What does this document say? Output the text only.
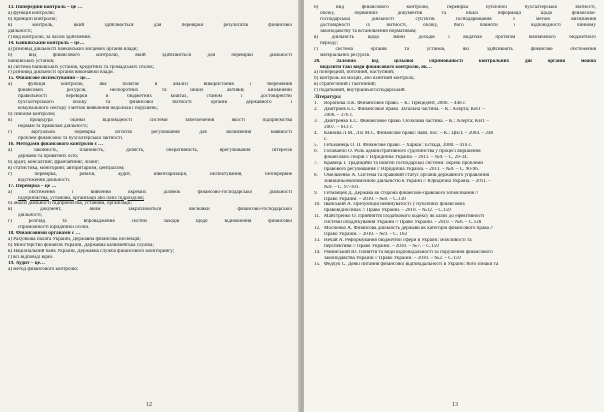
13. Попередній контроль – це …
а) функція контролю;
б) принцип контролю;
в) контроль, який здійснюється для перевірки результатів фінансової
діяльності;
г) вид контролю, за часом здійснення.
14. Банківський контроль – це…
а) різновид діяльності банківських місцевих органів влади;
б) вид фінансового контролю, який здійснюється для перевірки діяльності
банківських установ;
в) система банківських установ, кредитних та громадських спілок;
г) різновид діяльності органів виконавчої влади.
15. Фінансове інспектування – це…
а) функція контролю, яка полягає в аналізі використання і збереження
фінансових ресурсів, необоротних та інших активів; визначенні
правильності перевірки в бюджетних коштах, станом і достовірністю
бухгалтерського обліку та фінансової звітності органів державного і
комунального сектору з метою виявлення недоліків і порушень;
б) синонім контролю;
в) процедура оцінки відповідності системи забезпечення якості підприємства
нормам та правилам діяльності;
г) віртуальна перевірка об'єктів регулювання для визначення наявності
проблем фінансової та бухгалтерської звітності.
16. Методами фінансового контролю є …
а) законність, плановість, дієвість, оперативність, врегулювання інтересів
держави та приватних осіб;
б) аудит, консалтинг, франчайзинг, лізинг;
в) статистика, моніторинг, авторитаризм, централізм;
г) перевірка, ревізія, аудит, інвентаризація, інспектування, безперервне
відстеження діяльності.
17. Перевірка – це …
а) обстеження і вивчення окремих ділянок фінансово-господарської діяльності
підприємства, установи, організації або їхніх підрозділів;
б) аналіз діяльності підприємства, установи, організації;
в) документ, яким закріплюються висновки фінансово-господарської
діяльності;
г) розгляд та впровадження систем заходів щодо відновлення фінансової
спроможності юридичної особи.
18. Фінансовими органами є …
а) Рахункова палата України, Державна фінансова інспекція;
б) Міністерство фінансів України, Державна казначейська служба;
в) Національний банк України, Державна служба фінансового моніторингу;
г) всі відповіді вірні.
19. Аудит – це…
а) метод фінансового контролю;
12
б) вид фінансового контролю, перевірка публічної бухгалтерської звітності,
обліку, первинних документів та іншої інформації щодо фінансово-
господарської діяльності суб'єктів господарювання з метою визначення
достовірності їх звітності, обліку, його повноти і відповідності чинному
законодавству та встановлення нормативам;
в) діяльність щодо зміни доходів і видатків протягом визначеного бюджетного
періоду;
г) система органів та установ, які здійснюють фінансове обстеження
матеріальних ресурсів.
20. Залежно від цільової спрямованості контрольних дій органів можна
виділити такі види фінансового контролю, як…
а) попередній, поточний, наступний;
б) контроль на місцях, або візитний контроль;
в) стратегічний і тактичний;
г) податковий, внутрішньогосподарський.
Література:
1.	Воронова Л.К. Финансовое право. – К.: Прецедент, 2006. – 448 с.
2.	Дмитриев Е.С. Финансовое право. Загальна частина. – К.: Алерта; КНТ –
2006. – 376 с.
3.	Дмитренко Е.С. Финансовое право. Особлива частина. – К.: Алерта; КНТ –
2007. – 613 с.
4.	Канаєва Л.М., Ліх М.С. Финансове право: навч. пос. – К.: ЦНЛ. – 2004. – 248
с.
5.	Гетьманець О. П. Фінансове право. – Харків : Еспада, 2008. – 416 с.
6.	Голованчо О. Роль адміністративного судочинства у процесі вирішення
фінансових спорів // Юридична Україна. – 2011. – №9. – С. 29-34.
7.	Кравець І. Традиційні та новітні господарські системи: окремі проблеми
правового регулювання // Юридична Україна. – 2011. – №9. – С. 90-96.
8.	Омельченко А. Система та правовий статус органів державного управління
зовнішньоекономічною діяльністю в Україні // Юридична Україна. – 2011. –
№9. – С. 97-101.
9.	Гетманцев Д. Держава як сторона фінансово-правового зобов'язання //
Право України. – 2010. – №8. – С.130
10. Іванський А. Презумпція невинуватості у публічних фінансових
правовідносинах // Право України. – 2010. – №12. – С.159
11. Майстренко О. Прийняття Податкового кодексу як шлях до ефективності
системи оподаткування України // Право України. – 2010. – №6. – С.128
12. Мосиенко А. Фінансова діяльність держави як категорія фінансового права //
Право України. – 2010. – №9. – С. 162
13. Нечай А. Реформування бюджетної сфери в Україні: можливості та
перспективи // Право України. – 2010. – №7. – С.159
14. Ровинський Ю. Поняття та види відповідальності за порушення фінансового
законодавства України // Право України. – 2010. – №2. – С.159
15. Федчук С. Деякі питання фінансової відповідальності в Україні: його ознаки та
13
